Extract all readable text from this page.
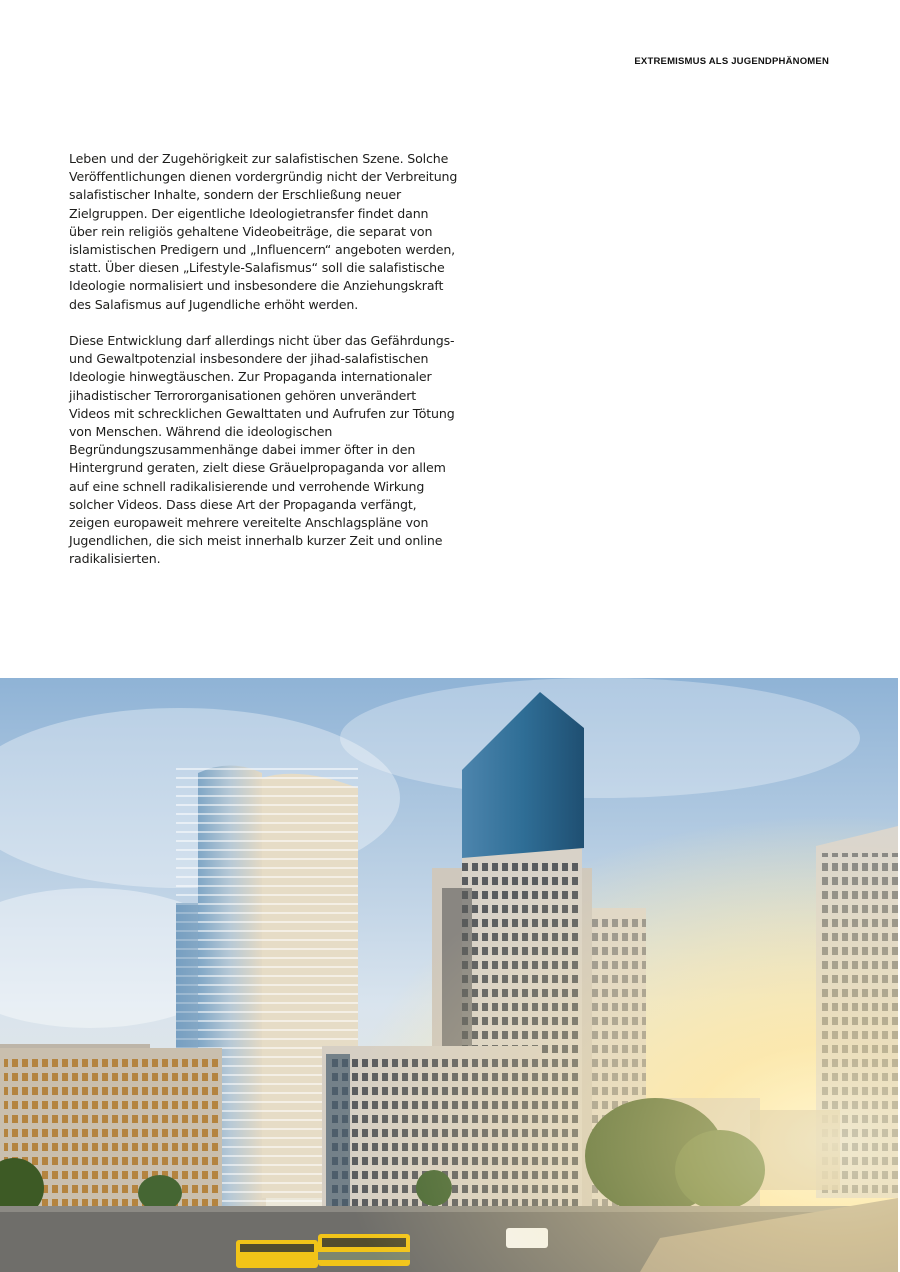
EXTREMISMUS ALS JUGENDPHÄNOMEN

Leben und der Zugehörigkeit zur salafistischen Szene. Solche Veröffentlichungen dienen vordergründig nicht der Verbreitung salafistischer Inhalte, sondern der Erschließung neuer Zielgruppen. Der eigentliche Ideologietransfer findet dann über rein religiös gehaltene Videobeiträge, die separat von islamistischen Predigern und „Influencern“ angeboten werden, statt. Über diesen „Lifestyle-Salafismus“ soll die salafistische Ideologie normalisiert und insbesondere die Anziehungskraft des Salafismus auf Jugendliche erhöht werden.

Diese Entwicklung darf allerdings nicht über das Gefährdungs- und Gewaltpotenzial insbesondere der jihad-salafistischen Ideologie hinwegtäuschen. Zur Propaganda internationaler jihadistischer Terrororganisationen gehören unverändert Videos mit schrecklichen Gewalttaten und Aufrufen zur Tötung von Menschen. Während die ideologischen Begründungszusammenhänge dabei immer öfter in den Hintergrund geraten, zielt diese Gräuelpropaganda vor allem auf eine schnell radikalisierende und verrohende Wirkung solcher Videos. Dass diese Art der Propaganda verfängt, zeigen europaweit mehrere vereitelte Anschlagspläne von Jugendlichen, die sich meist innerhalb kurzer Zeit und online radikalisierten.
